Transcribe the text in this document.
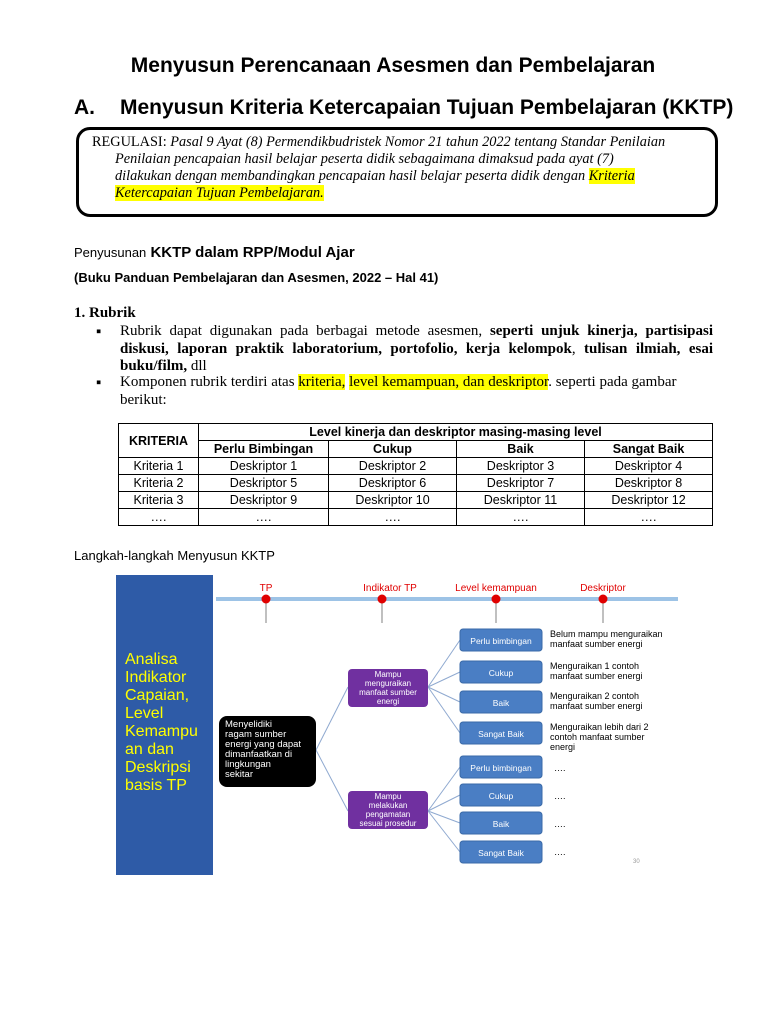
Menyusun Perencanaan Asesmen dan Pembelajaran
A. Menyusun Kriteria Ketercapaian Tujuan Pembelajaran (KKTP)
REGULASI: Pasal 9 Ayat (8) Permendikbudristek Nomor 21 tahun 2022 tentang Standar Penilaian
Penilaian pencapaian hasil belajar peserta didik sebagaimana dimaksud pada ayat (7)
dilakukan dengan membandingkan pencapaian hasil belajar peserta didik dengan Kriteria
Ketercapaian Tujuan Pembelajaran.
Penyusunan KKTP dalam RPP/Modul Ajar
(Buku Panduan Pembelajaran dan Asesmen, 2022 – Hal 41)
1. Rubrik
▪ Rubrik dapat digunakan pada berbagai metode asesmen, seperti unjuk kinerja, partisipasi diskusi, laporan praktik laboratorium, portofolio, kerja kelompok, tulisan ilmiah, esai buku/film, dll
▪ Komponen rubrik terdiri atas kriteria, level kemampuan, dan deskriptor. seperti pada gambar berikut:
KRITERIA	Level kinerja dan deskriptor masing-masing level			
	Perlu Bimbingan	Cukup	Baik	Sangat Baik
Kriteria 1	Deskriptor 1	Deskriptor 2	Deskriptor 3	Deskriptor 4
Kriteria 2	Deskriptor 5	Deskriptor 6	Deskriptor 7	Deskriptor 8
Kriteria 3	Deskriptor 9	Deskriptor 10	Deskriptor 11	Deskriptor 12
….	….	….	….	….
Langkah-langkah Menyusun KKTP
Analisa
Indikator
Capaian,
Level
Kemampu
an dan
Deskripsi
basis TP
TP	Indikator TP	Level kemampuan	Deskriptor
Menyelidiki
ragam sumber
energi yang dapat
dimanfaatkan di
lingkungan
sekitar
Mampu
menguraikan
manfaat sumber
energi
Mampu
melakukan
pengamatan
sesuai prosedur
Perlu bimbingan
Cukup
Baik
Sangat Baik
Perlu bimbingan
Cukup
Baik
Sangat Baik
Belum mampu menguraikan
manfaat sumber energi
Menguraikan 1 contoh
manfaat sumber energi
Menguraikan 2 contoh
manfaat sumber energi
Menguraikan lebih dari 2
contoh manfaat sumber
energi
….
….
….
….
30
